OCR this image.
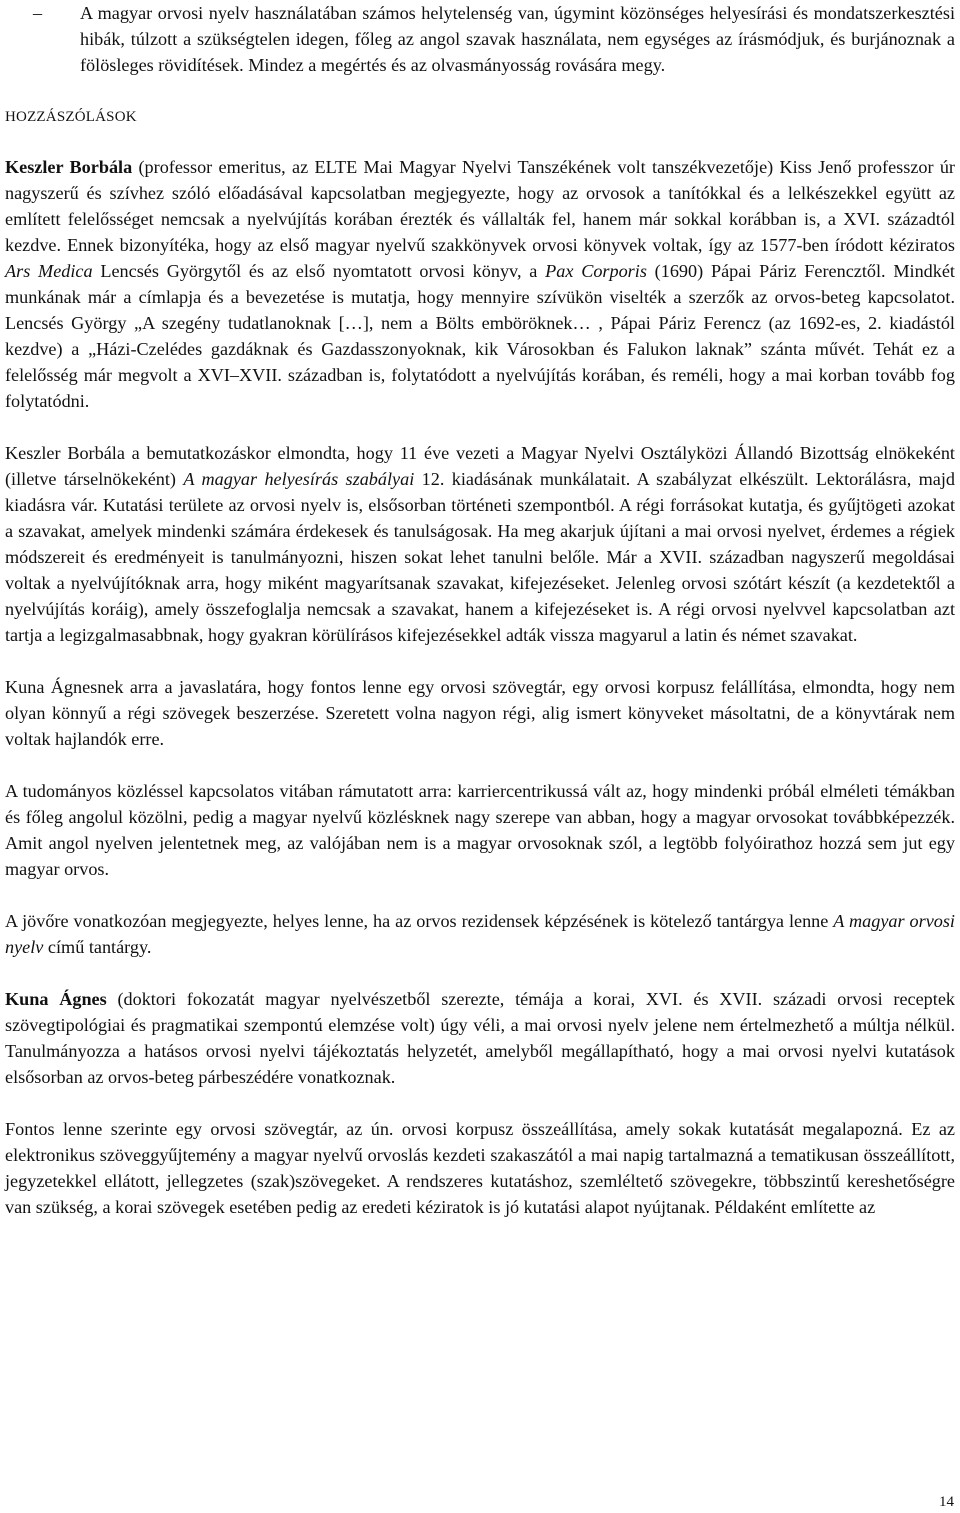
– A magyar orvosi nyelv használatában számos helytelenség van, úgymint közönséges helyesírási és mondatszerkesztési hibák, túlzott a szükségtelen idegen, főleg az angol szavak használata, nem egységes az írásmódjuk, és burjánoznak a fölösleges rövidítések. Mindez a megértés és az olvasmányosság rovására megy.
HOZZÁSZÓLÁSOK

Keszler Borbála (professor emeritus, az ELTE Mai Magyar Nyelvi Tanszékének volt tanszékvezetője) Kiss Jenő professzor úr nagyszerű és szívhez szóló előadásával kapcsolatban megjegyezte, hogy az orvosok a tanítókkal és a lelkészekkel együtt az említett felelősséget nemcsak a nyelvújítás korában érezték és vállalták fel, hanem már sokkal korábban is, a XVI. századtól kezdve. Ennek bizonyítéka, hogy az első magyar nyelvű szakkönyvek orvosi könyvek voltak, így az 1577-ben íródott kéziratos Ars Medica Lencsés Györgytől és az első nyomtatott orvosi könyv, a Pax Corporis (1690) Pápai Páriz Ferencztől. Mindkét munkának már a címlapja és a bevezetése is mutatja, hogy mennyire szívükön viselték a szerzők az orvos-beteg kapcsolatot. Lencsés György „A szegény tudatlanoknak […], nem a Bölts emböröknek… , Pápai Páriz Ferencz (az 1692-es, 2. kiadástól kezdve) a „Házi-Czelédes gazdáknak és Gazdasszonyoknak, kik Városokban és Falukon laknak” szánta művét. Tehát ez a felelősség már megvolt a XVI–XVII. században is, folytatódott a nyelvújítás korában, és reméli, hogy a mai korban tovább fog folytatódni.

Keszler Borbála a bemutatkozáskor elmondta, hogy 11 éve vezeti a Magyar Nyelvi Osztályközi Állandó Bizottság elnökeként (illetve társelnökeként) A magyar helyesírás szabályai 12. kiadásának munkálatait. A szabályzat elkészült. Lektorálásra, majd kiadásra vár. Kutatási területe az orvosi nyelv is, elsősorban történeti szempontból. A régi forrásokat kutatja, és gyűjtögeti azokat a szavakat, amelyek mindenki számára érdekesek és tanulságosak. Ha meg akarjuk újítani a mai orvosi nyelvet, érdemes a régiek módszereit és eredményeit is tanulmányozni, hiszen sokat lehet tanulni belőle. Már a XVII. században nagyszerű megoldásai voltak a nyelvújítóknak arra, hogy miként magyarítsanak szavakat, kifejezéseket. Jelenleg orvosi szótárt készít (a kezdetektől a nyelvújítás koráig), amely összefoglalja nemcsak a szavakat, hanem a kifejezéseket is. A régi orvosi nyelvvel kapcsolatban azt tartja a legizgalmasabbnak, hogy gyakran körülírásos kifejezésekkel adták vissza magyarul a latin és német szavakat.

Kuna Ágnesnek arra a javaslatára, hogy fontos lenne egy orvosi szövegtár, egy orvosi korpusz felállítása, elmondta, hogy nem olyan könnyű a régi szövegek beszerzése. Szeretett volna nagyon régi, alig ismert könyveket másoltatni, de a könyvtárak nem voltak hajlandók erre.

A tudományos közléssel kapcsolatos vitában rámutatott arra: karriercentrikussá vált az, hogy mindenki próbál elméleti témákban és főleg angolul közölni, pedig a magyar nyelvű közlésknek nagy szerepe van abban, hogy a magyar orvosokat továbbképezzék. Amit angol nyelven jelentetnek meg, az valójában nem is a magyar orvosoknak szól, a legtöbb folyóirathoz hozzá sem jut egy magyar orvos.

A jövőre vonatkozóan megjegyezte, helyes lenne, ha az orvos rezidensek képzésének is kötelező tantárgya lenne A magyar orvosi nyelv című tantárgy.

Kuna Ágnes (doktori fokozatát magyar nyelvészetből szerezte, témája a korai, XVI. és XVII. századi orvosi receptek szövegtipológiai és pragmatikai szempontú elemzése volt) úgy véli, a mai orvosi nyelv jelene nem értelmezhető a múltja nélkül. Tanulmányozza a hatásos orvosi nyelvi tájékoztatás helyzetét, amelyből megállapítható, hogy a mai orvosi nyelvi kutatások elsősorban az orvos-beteg párbeszédére vonatkoznak.

Fontos lenne szerinte egy orvosi szövegtár, az ún. orvosi korpusz összeállítása, amely sokak kutatását megalapozná. Ez az elektronikus szöveggyűjtemény a magyar nyelvű orvoslás kezdeti szakaszától a mai napig tartalmazná a tematikusan összeállított, jegyzetekkel ellátott, jellegzetes (szak)szövegeket. A rendszeres kutatáshoz, szemléltető szövegekre, többszintű kereshetőségre van szükség, a korai szövegek esetében pedig az eredeti kéziratok is jó kutatási alapot nyújtanak. Példaként említette az

14
